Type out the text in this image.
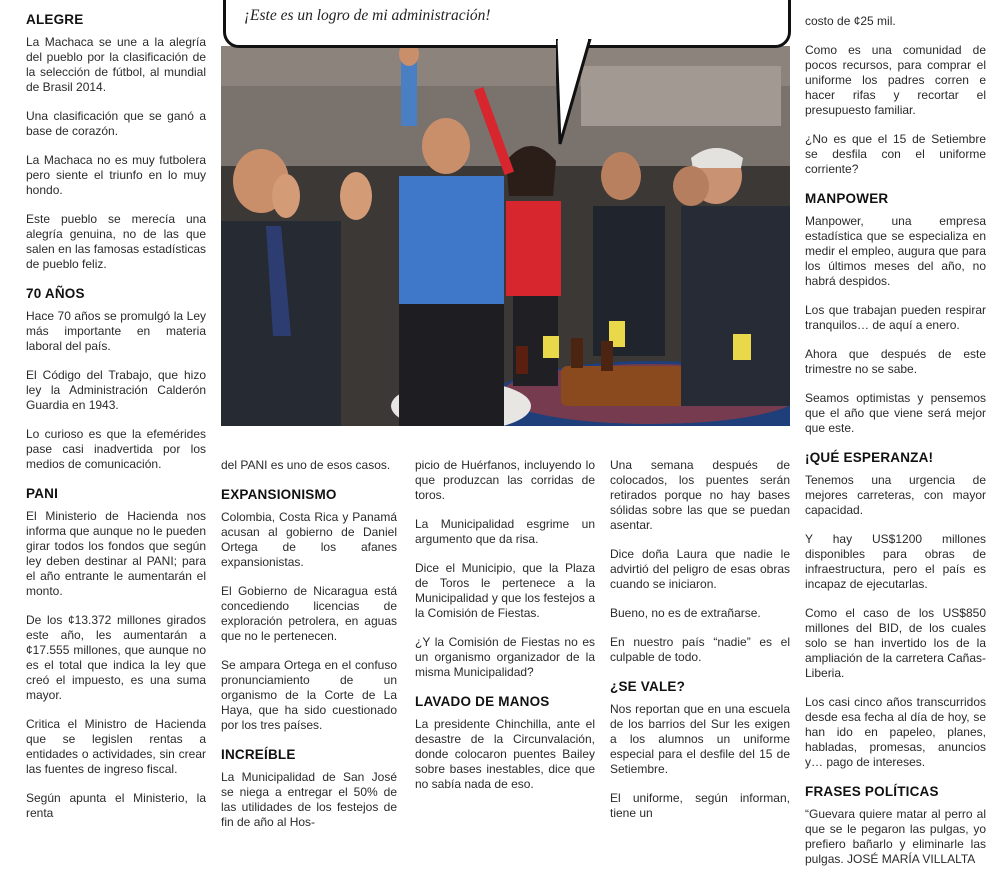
¡Este es un logro de mi administración!
ALEGRE

La Machaca se une a la alegría del pueblo por la clasificación de la selección de fútbol, al mundial de Brasil 2014.

Una clasificación que se ganó a base de corazón.

La Machaca no es muy futbolera pero siente el triunfo en lo muy hondo.

Este pueblo se merecía una alegría genuina, no de las que salen en las famosas estadísticas de pueblo feliz.

70 AÑOS

Hace 70 años se promulgó la Ley más importante en materia laboral del país.

El Código del Trabajo, que hizo ley la Administración Calderón Guardia en 1943.

Lo curioso es que la efemérides pase casi inadvertida por los medios de comunicación.

PANI

El Ministerio de Hacienda nos informa que aunque no le pueden girar todos los fondos que según ley deben destinar al PANI; para el año entrante le aumentarán el monto.

De los ¢13.372 millones girados este año, les aumentarán a ¢17.555 millones, que aunque no es el total que indica la ley que creó el impuesto, es una suma mayor.

Critica el Ministro de Hacienda que se legislen rentas a entidades o actividades, sin crear las fuentes de ingreso fiscal.

Según apunta el Ministerio, la renta

del PANI es uno de esos casos.

EXPANSIONISMO

Colombia, Costa Rica y Panamá acusan al gobierno de Daniel Ortega de los afanes expansionistas.

El Gobierno de Nicaragua está concediendo licencias de exploración petrolera, en aguas que no le pertenecen.

Se ampara Ortega en el confuso pronunciamiento de un organismo de la Corte de La Haya, que ha sido cuestionado por los tres países.

INCREÍBLE

La Municipalidad de San José se niega a entregar el 50% de las utilidades de los festejos de fin de año al Hos-

picio de Huérfanos, incluyendo lo que produzcan las corridas de toros.

La Municipalidad esgrime un argumento que da risa.

Dice el Municipio, que la Plaza de Toros le pertenece a la Municipalidad y que los festejos a la Comisión de Fiestas.

¿Y la Comisión de Fiestas no es un organismo organizador de la misma Municipalidad?

LAVADO DE MANOS

La presidente Chinchilla, ante el desastre de la Circunvalación, donde colocaron puentes Bailey sobre bases inestables, dice que no sabía nada de eso.

Una semana después de colocados, los puentes serán retirados porque no hay bases sólidas sobre las que se puedan asentar.

Dice doña Laura que nadie le advirtió del peligro de esas obras cuando se iniciaron.

Bueno, no es de extrañarse.

En nuestro país “nadie” es el culpable de todo.

¿SE VALE?

Nos reportan que en una escuela de los barrios del Sur les exigen a los alumnos un uniforme especial para el desfile del 15 de Setiembre.

El uniforme, según informan, tiene un

costo de ¢25 mil.

Como es una comunidad de pocos recursos, para comprar el uniforme los padres corren e hacer rifas y recortar el presupuesto familiar.

¿No es que el 15 de Setiembre se desfila con el uniforme corriente?

MANPOWER

Manpower, una empresa estadística que se especializa en medir el empleo, augura que para los últimos meses del año, no habrá despidos.

Los que trabajan pueden respirar tranquilos… de aquí a enero.

Ahora que después de este trimestre no se sabe.

Seamos optimistas y pensemos que el año que viene será mejor que este.

¡QUÉ ESPERANZA!

Tenemos una urgencia de mejores carreteras, con mayor capacidad.

Y hay US$1200 millones disponibles para obras de infraestructura, pero el país es incapaz de ejecutarlas.

Como el caso de los US$850 millones del BID, de los cuales solo se han invertido los de la ampliación de la carretera Cañas-Liberia.

Los casi cinco años transcurridos desde esa fecha al día de hoy, se han ido en papeleo, planes, habladas, promesas, anuncios y… pago de intereses.

FRASES POLÍTICAS

“Guevara quiere matar al perro al que se le pegaron las pulgas, yo prefiero bañarlo y eliminarle las pulgas. JOSÉ MARÍA VILLALTA
